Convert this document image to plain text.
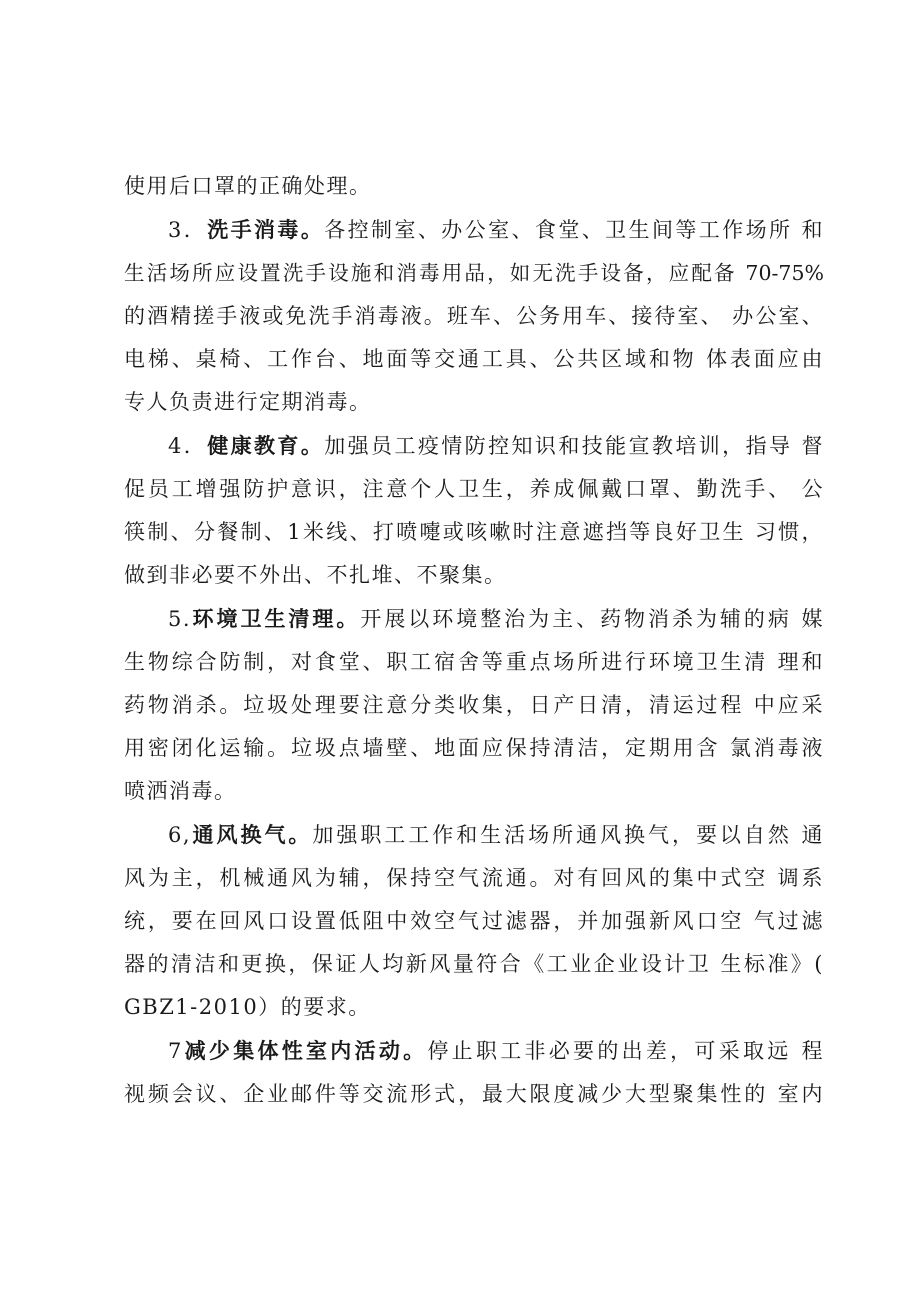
使用后口罩的正确处理。
3．洗手消毒。各控制室、办公室、食堂、卫生间等工作场所 和
生活场所应设置洗手设施和消毒用品，如无洗手设备，应配备 70-75%
的酒精搓手液或免洗手消毒液。班车、公务用车、接待室、 办公室、
电梯、桌椅、工作台、地面等交通工具、公共区域和物 体表面应由
专人负责进行定期消毒。
4．健康教育。加强员工疫情防控知识和技能宣教培训，指导 督
促员工增强防护意识，注意个人卫生，养成佩戴口罩、勤洗手、 公
筷制、分餐制、1米线、打喷嚏或咳嗽时注意遮挡等良好卫生 习惯，
做到非必要不外出、不扎堆、不聚集。
5.环境卫生清理。开展以环境整治为主、药物消杀为辅的病 媒
生物综合防制，对食堂、职工宿舍等重点场所进行环境卫生清 理和
药物消杀。垃圾处理要注意分类收集，日产日清，清运过程 中应采
用密闭化运输。垃圾点墙壁、地面应保持清洁，定期用含 氯消毒液
喷洒消毒。
6,通风换气。加强职工工作和生活场所通风换气，要以自然 通
风为主，机械通风为辅，保持空气流通。对有回风的集中式空 调系
统，要在回风口设置低阻中效空气过滤器，并加强新风口空 气过滤
器的清洁和更换，保证人均新风量符合《工业企业设计卫 生标准》(
GBZ1-2010）的要求。
7减少集体性室内活动。停止职工非必要的出差，可采取远 程
视频会议、企业邮件等交流形式，最大限度减少大型聚集性的 室内
